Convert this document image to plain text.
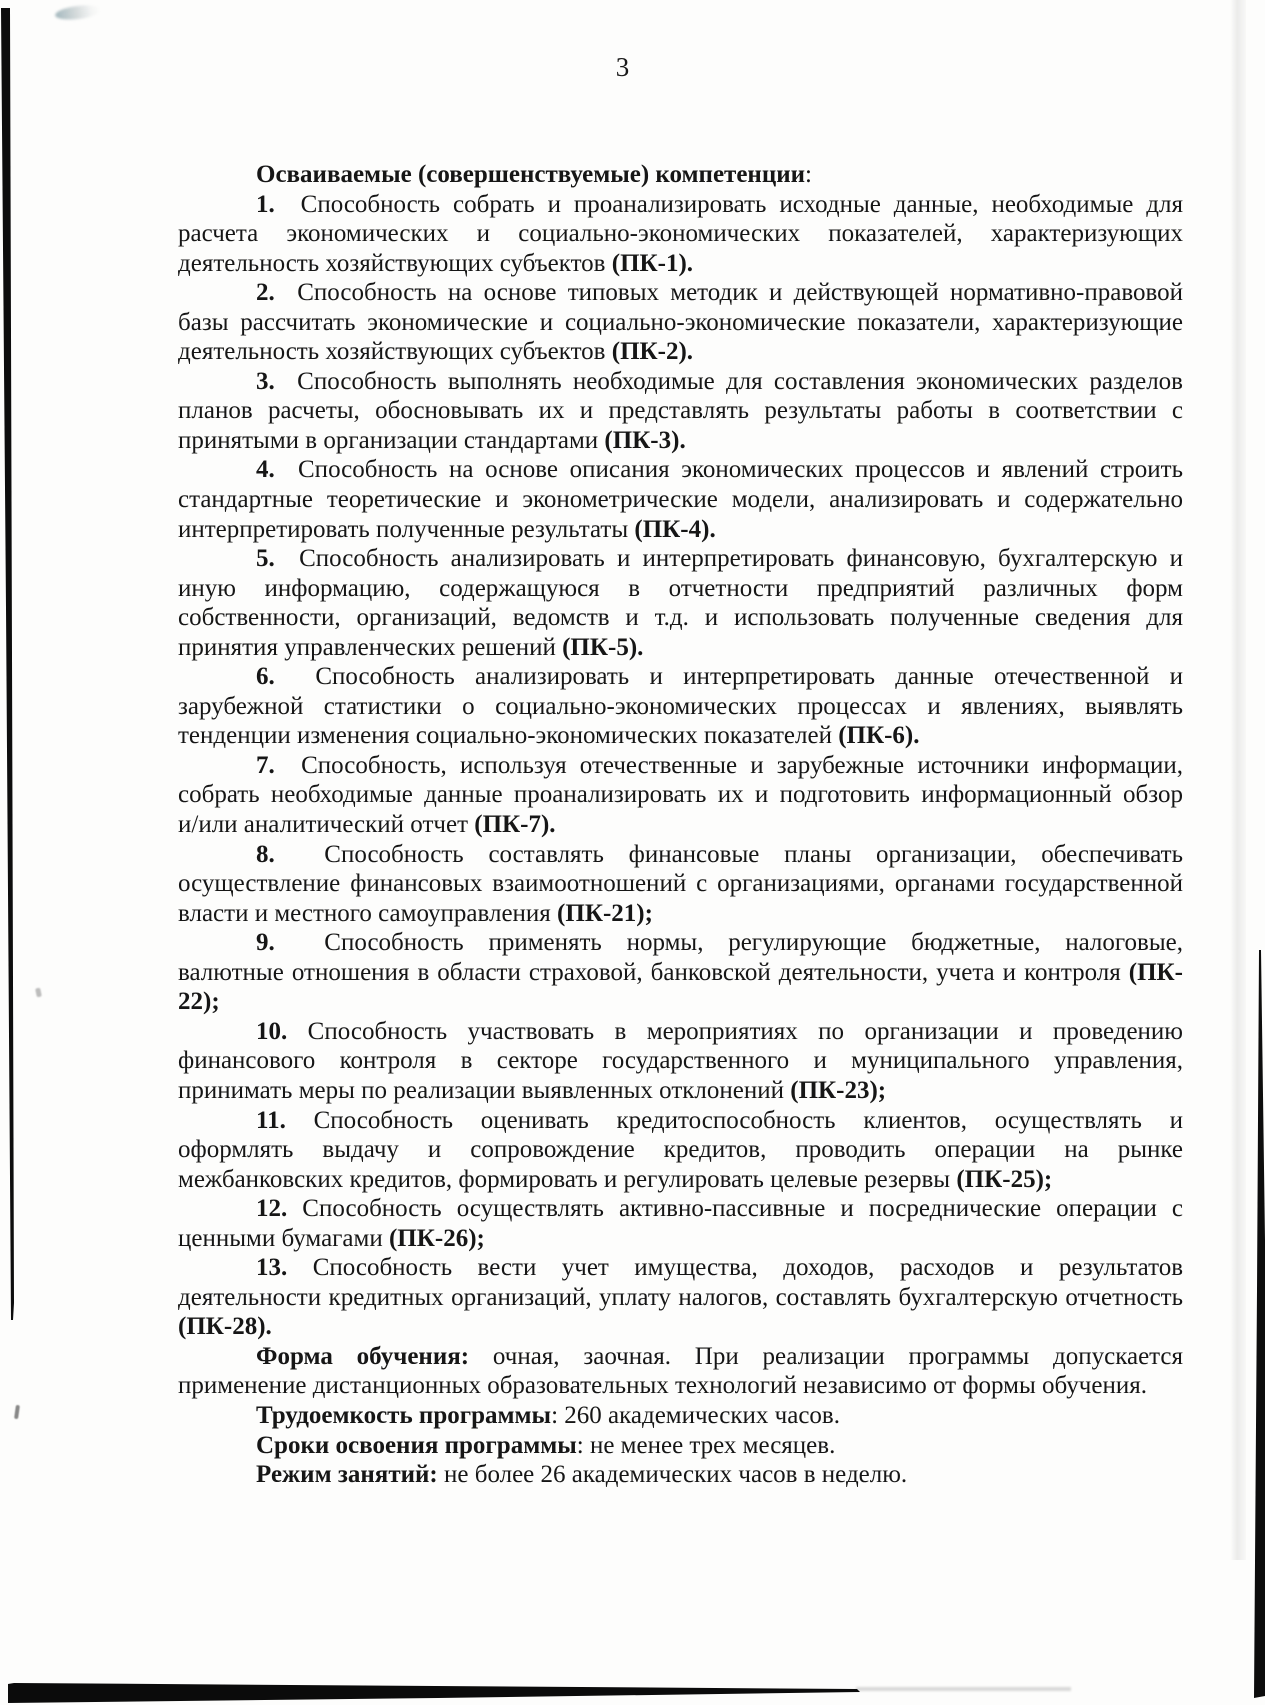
3
Осваиваемые (совершенствуемые) компетенции:
1.  Способность собрать и проанализировать исходные данные, необходимые для
расчета экономических и социально-экономических показателей, характеризующих
деятельность хозяйствующих субъектов (ПК-1).
2.  Способность на основе типовых методик и действующей нормативно-правовой
базы рассчитать экономические и социально-экономические показатели, характеризующие
деятельность хозяйствующих субъектов (ПК-2).
3.  Способность выполнять необходимые для составления экономических разделов
планов расчеты, обосновывать их и представлять результаты работы в соответствии с
принятыми в организации стандартами (ПК-3).
4.  Способность на основе описания экономических процессов и явлений строить
стандартные теоретические и эконометрические модели, анализировать и содержательно
интерпретировать полученные результаты (ПК-4).
5.  Способность анализировать и интерпретировать финансовую, бухгалтерскую и
иную информацию, содержащуюся в отчетности предприятий различных форм
собственности, организаций, ведомств и т.д. и использовать полученные сведения для
принятия управленческих решений (ПК-5).
6.  Способность анализировать и интерпретировать данные отечественной и
зарубежной статистики о социально-экономических процессах и явлениях, выявлять
тенденции изменения социально-экономических показателей (ПК-6).
7.  Способность, используя отечественные и зарубежные источники информации,
собрать необходимые данные проанализировать их и подготовить информационный обзор
и/или аналитический отчет (ПК-7).
8.  Способность составлять финансовые планы организации, обеспечивать
осуществление финансовых взаимоотношений с организациями, органами государственной
власти и местного самоуправления (ПК-21);
9.  Способность применять нормы, регулирующие бюджетные, налоговые,
валютные отношения в области страховой, банковской деятельности, учета и контроля (ПК-
22);
10. Способность участвовать в мероприятиях по организации и проведению
финансового контроля в секторе государственного и муниципального управления,
принимать меры по реализации выявленных отклонений (ПК-23);
11. Способность оценивать кредитоспособность клиентов, осуществлять и
оформлять выдачу и сопровождение кредитов, проводить операции на рынке
межбанковских кредитов, формировать и регулировать целевые резервы (ПК-25);
12. Способность осуществлять активно-пассивные и посреднические операции с
ценными бумагами (ПК-26);
13. Способность вести учет имущества, доходов, расходов и результатов
деятельности кредитных организаций, уплату налогов, составлять бухгалтерскую отчетность
(ПК-28).
Форма обучения: очная, заочная. При реализации программы допускается
применение дистанционных образовательных технологий независимо от формы обучения.
Трудоемкость программы: 260 академических часов.
Сроки освоения программы: не менее трех месяцев.
Режим занятий: не более 26 академических часов в неделю.
